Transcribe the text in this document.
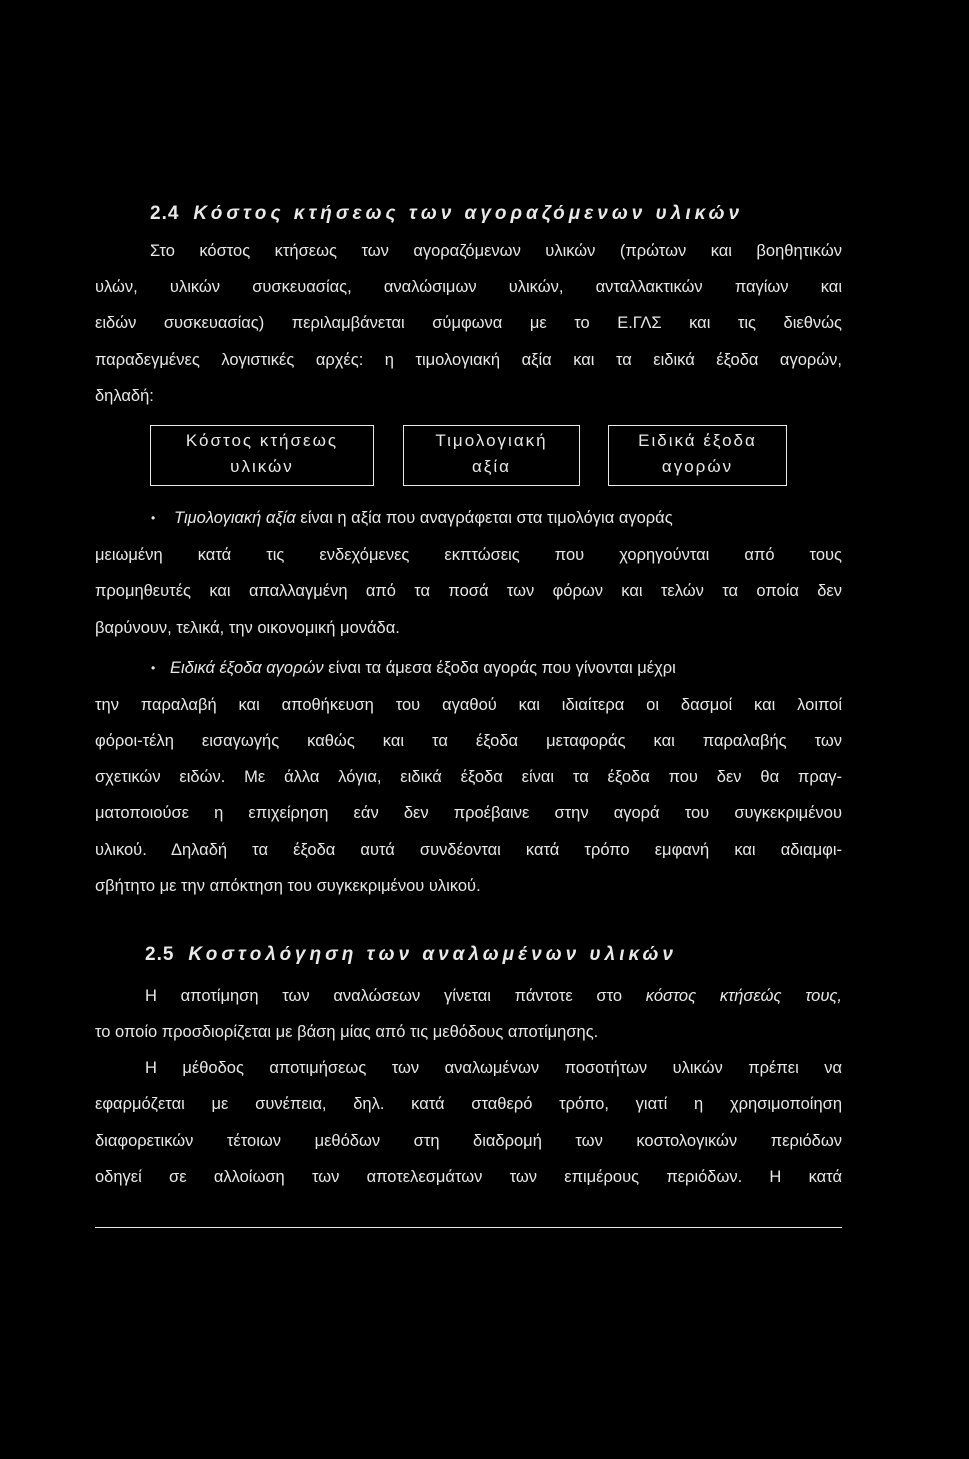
2.4 Κόστος κτήσεως των αγοραζόμενων υλικών
Στο κόστος κτήσεως των αγοραζόμενων υλικών (πρώτων και βοηθητικών
υλών, υλικών συσκευασίας, αναλώσιμων υλικών, ανταλλακτικών παγίων και
ειδών συσκευασίας) περιλαμβάνεται σύμφωνα με το Ε.ΓΛΣ και τις διεθνώς
παραδεγμένες λογιστικές αρχές: η τιμολογιακή αξία και τα ειδικά έξοδα αγορών,
δηλαδή:
Κόστος κτήσεως
υλικών
Τιμολογιακή
αξία
Ειδικά έξοδα
αγορών
• Τιμολογιακή αξία είναι η αξία που αναγράφεται στα τιμολόγια αγοράς
μειωμένη κατά τις ενδεχόμενες εκπτώσεις που χορηγούνται από τους
προμηθευτές και απαλλαγμένη από τα ποσά των φόρων και τελών τα οποία δεν
βαρύνουν, τελικά, την οικονομική μονάδα.
• Ειδικά έξοδα αγορών είναι τα άμεσα έξοδα αγοράς που γίνονται μέχρι
την παραλαβή και αποθήκευση του αγαθού και ιδιαίτερα οι δασμοί και λοιποί
φόροι-τέλη εισαγωγής καθώς και τα έξοδα μεταφοράς και παραλαβής των
σχετικών ειδών. Με άλλα λόγια, ειδικά έξοδα είναι τα έξοδα που δεν θα πραγ-
ματοποιούσε η επιχείρηση εάν δεν προέβαινε στην αγορά του συγκεκριμένου
υλικού. Δηλαδή τα έξοδα αυτά συνδέονται κατά τρόπο εμφανή και αδιαμφι-
σβήτητο με την απόκτηση του συγκεκριμένου υλικού.
2.5 Κοστολόγηση των αναλωμένων υλικών
Η αποτίμηση των αναλώσεων γίνεται πάντοτε στο κόστος κτήσεώς τους,
το οποίο προσδιορίζεται με βάση μίας από τις μεθόδους αποτίμησης.
Η μέθοδος αποτιμήσεως των αναλωμένων ποσοτήτων υλικών πρέπει να
εφαρμόζεται με συνέπεια, δηλ. κατά σταθερό τρόπο, γιατί η χρησιμοποίηση
διαφορετικών τέτοιων μεθόδων στη διαδρομή των κοστολογικών περιόδων
οδηγεί σε αλλοίωση των αποτελεσμάτων των επιμέρους περιόδων. Η κατά
